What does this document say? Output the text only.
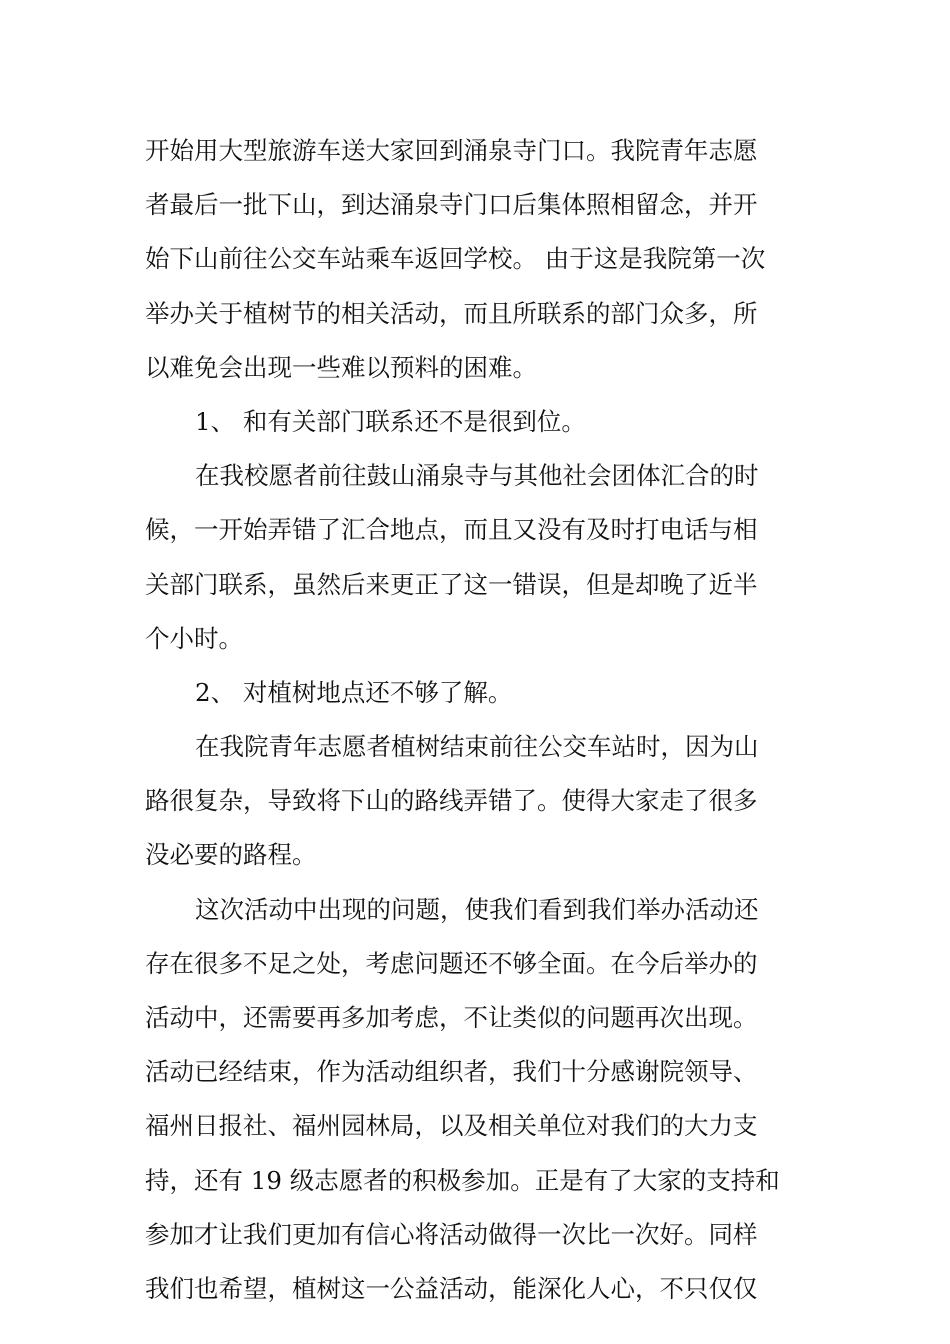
开始用大型旅游车送大家回到涌泉寺门口。我院青年志愿
者最后一批下山，到达涌泉寺门口后集体照相留念，并开
始下山前往公交车站乘车返回学校。 由于这是我院第一次
举办关于植树节的相关活动，而且所联系的部门众多，所
以难免会出现一些难以预料的困难。
1、 和有关部门联系还不是很到位。
在我校愿者前往鼓山涌泉寺与其他社会团体汇合的时
候，一开始弄错了汇合地点，而且又没有及时打电话与相
关部门联系，虽然后来更正了这一错误，但是却晚了近半
个小时。
2、 对植树地点还不够了解。
在我院青年志愿者植树结束前往公交车站时，因为山
路很复杂，导致将下山的路线弄错了。使得大家走了很多
没必要的路程。
这次活动中出现的问题，使我们看到我们举办活动还
存在很多不足之处，考虑问题还不够全面。在今后举办的
活动中，还需要再多加考虑，不让类似的问题再次出现。
活动已经结束，作为活动组织者，我们十分感谢院领导、
福州日报社、福州园林局，以及相关单位对我们的大力支
持，还有 19 级志愿者的积极参加。正是有了大家的支持和
参加才让我们更加有信心将活动做得一次比一次好。同样
我们也希望，植树这一公益活动，能深化人心，不只仅仅
